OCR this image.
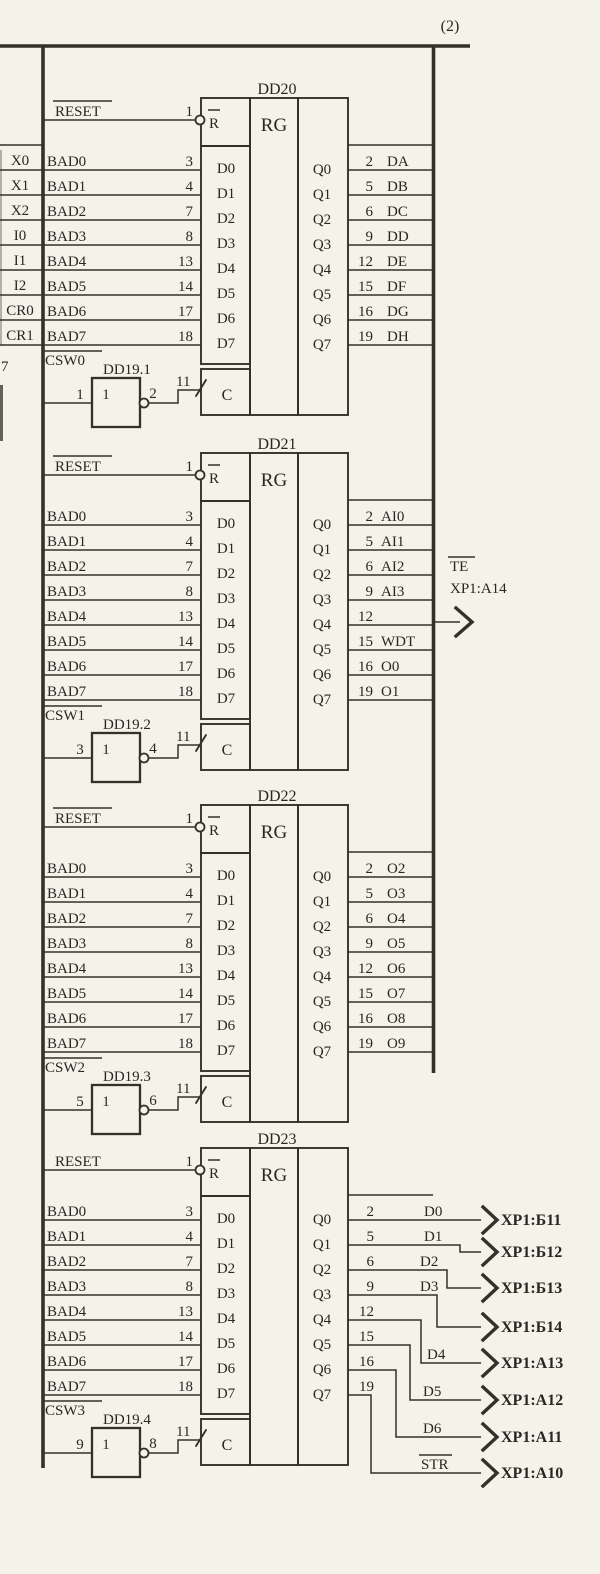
(2)
X0
X1
X2
I0
I1
I2
CR0
CR1
7
DD20
RG
R
RESET	1
BAD0	3
BAD1	4
BAD2	7
BAD3	8
BAD4	13
BAD5	14
BAD6	17
BAD7	18
D0
D1
D2
D3
D4
D5
D6
D7
Q0
Q1
Q2
Q3
Q4
Q5
Q6
Q7
2 DA
5 DB
6 DC
9 DD
12 DE
15 DF
16 DG
19 DH
1
1	2
11
CSW0
DD19.1
C
DD21
RG
R
RESET	1
BAD0	3
BAD1	4
BAD2	7
BAD3	8
BAD4	13
BAD5	14
BAD6	17
BAD7	18
D0
D1
D2
D3
D4
D5
D6
D7
Q0
Q1
Q2
Q3
Q4
Q5
Q6
Q7
2 AI0
5 AI1
6 AI2
9 AI3
12
15 WDT
16 O0
19 O1
TE
XP1:A14
1
3	4
11
CSW1
DD19.2
C
DD22
RG
R
RESET	1
BAD0	3
BAD1	4
BAD2	7
BAD3	8
BAD4	13
BAD5	14
BAD6	17
BAD7	18
D0
D1
D2
D3
D4
D5
D6
D7
Q0
Q1
Q2
Q3
Q4
Q5
Q6
Q7
2 O2
5 O3
6 O4
9 O5
12 O6
15 O7
16 O8
19 O9
1
5	6
11
CSW2
DD19.3
C
DD23
RG
R
RESET	1
BAD0	3
BAD1	4
BAD2	7
BAD3	8
BAD4	13
BAD5	14
BAD6	17
BAD7	18
D0
D1
D2
D3
D4
D5
D6
D7
Q0
Q1
Q2
Q3
Q4
Q5
Q6
Q7
2
5
6
9
12
15
16
19
D0
D1
D2
D3
D4
D5
D6
STR
XP1:Б11
XP1:Б12
XP1:Б13
XP1:Б14
XP1:A13
XP1:A12
XP1:A11
XP1:A10
1
9	8
11
CSW3
DD19.4
C
